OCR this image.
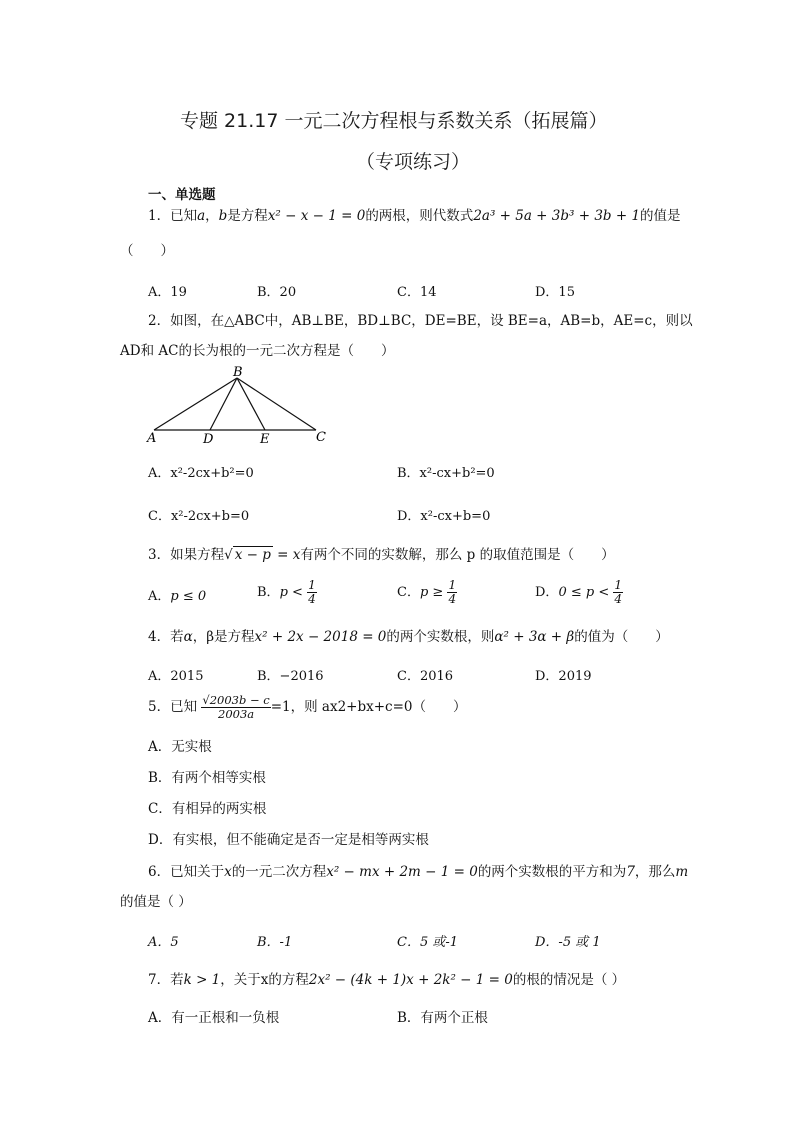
专题 21.17 一元二次方程根与系数关系（拓展篇）
（专项练习）
一、单选题
1．已知a，b是方程x² − x − 1 = 0的两根，则代数式2a³ + 5a + 3b³ + 3b + 1的值是
（　　）
A．19	B．20	C．14	D．15
2．如图，在△ABC中，AB⊥BE，BD⊥BC，DE=BE，设 BE=a，AB=b，AE=c，则以
AD和 AC的长为根的一元二次方程是（　　）
B
A	D	E	C
A．x²-2cx+b²=0	B．x²-cx+b²=0
C．x²-2cx+b=0	D．x²-cx+b=0
3．如果方程√ x − p = x有两个不同的实数解，那么 p 的取值范围是（　　）
A．p ≤ 0	B．$p < \frac{1}{4}$	C．$p \ge \frac{1}{4}$	D．$0 \le p < \frac{1}{4}$
4．若α，β是方程x² + 2x − 2018 = 0的两个实数根，则α² + 3α + β的值为（　　）
A．2015	B．−2016	C．2016	D．2019
5．已知 $\frac{√2003b - c}{2003a} =1$，则 ax2+bx+c=0（　　）
A．无实根
B．有两个相等实根
C．有相异的两实根
D．有实根，但不能确定是否一定是相等两实根
6．已知关于x的一元二次方程x² − mx + 2m − 1 = 0的两个实数根的平方和为7，那么m
的值是（ ）
A．5	B．-1	C．5 或-1	D．-5 或 1
7．若k > 1，关于x的方程2x² − (4k + 1)x + 2k² − 1 = 0的根的情况是（ ）
A．有一正根和一负根	B．有两个正根
